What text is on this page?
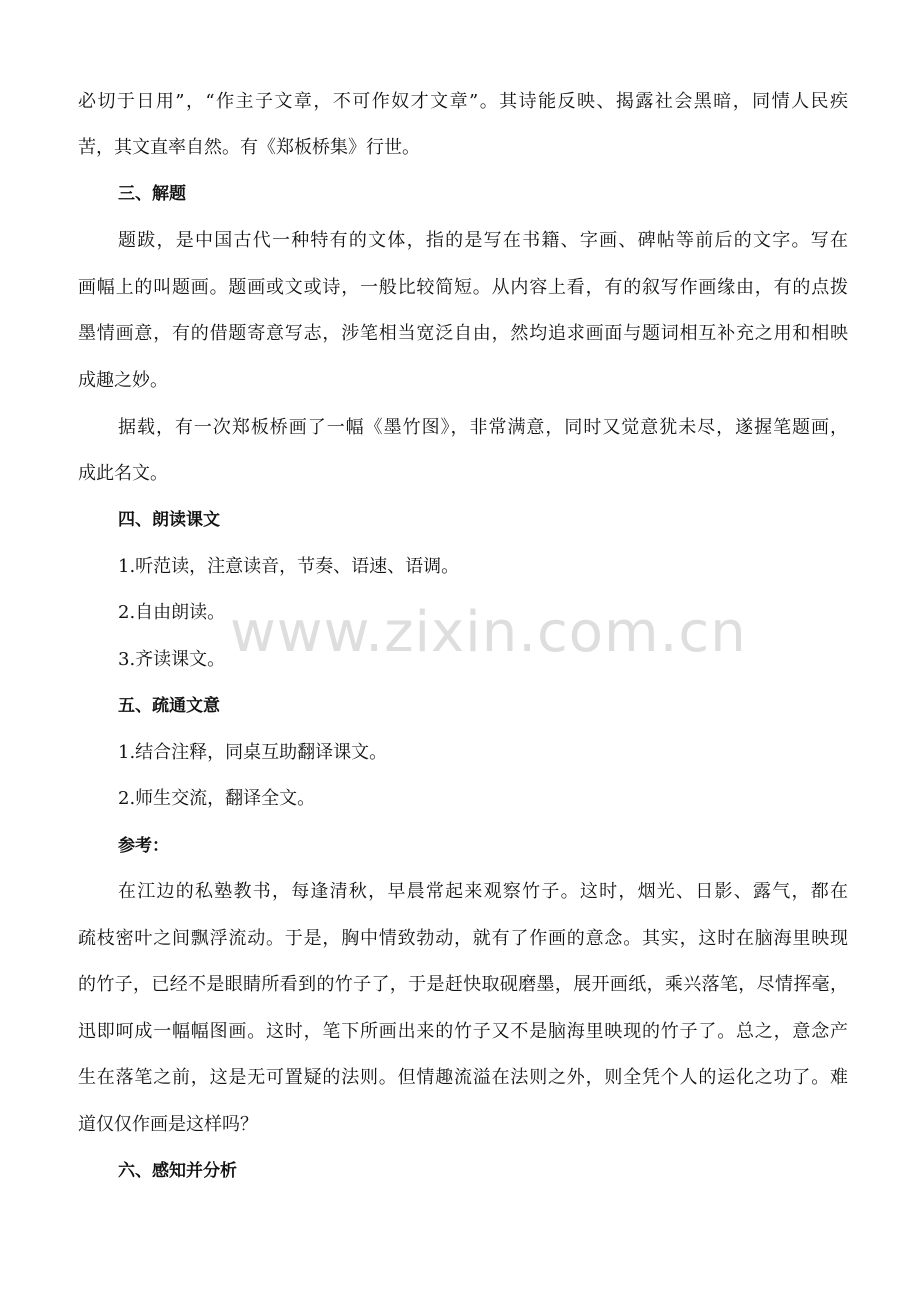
必切于日用”，“作主子文章，不可作奴才文章”。其诗能反映、揭露社会黑暗，同情人民疾
苦，其文直率自然。有《郑板桥集》行世。
三、解题
题跋，是中国古代一种特有的文体，指的是写在书籍、字画、碑帖等前后的文字。写在
画幅上的叫题画。题画或文或诗，一般比较简短。从内容上看，有的叙写作画缘由，有的点拨
墨情画意，有的借题寄意写志，涉笔相当宽泛自由，然均追求画面与题词相互补充之用和相映
成趣之妙。
据载，有一次郑板桥画了一幅《墨竹图》，非常满意，同时又觉意犹未尽，遂握笔题画，
成此名文。
四、朗读课文
1.听范读，注意读音，节奏、语速、语调。
2.自由朗读。
3.齐读课文。
五、疏通文意
1.结合注释，同桌互助翻译课文。
2.师生交流，翻译全文。
参考：
在江边的私塾教书，每逢清秋，早晨常起来观察竹子。这时，烟光、日影、露气，都在
疏枝密叶之间飘浮流动。于是，胸中情致勃动，就有了作画的意念。其实，这时在脑海里映现
的竹子，已经不是眼睛所看到的竹子了，于是赶快取砚磨墨，展开画纸，乘兴落笔，尽情挥毫，
迅即呵成一幅幅图画。这时，笔下所画出来的竹子又不是脑海里映现的竹子了。总之，意念产
生在落笔之前，这是无可置疑的法则。但情趣流溢在法则之外，则全凭个人的运化之功了。难
道仅仅作画是这样吗？
六、感知并分析
www.zixin.com.cn
